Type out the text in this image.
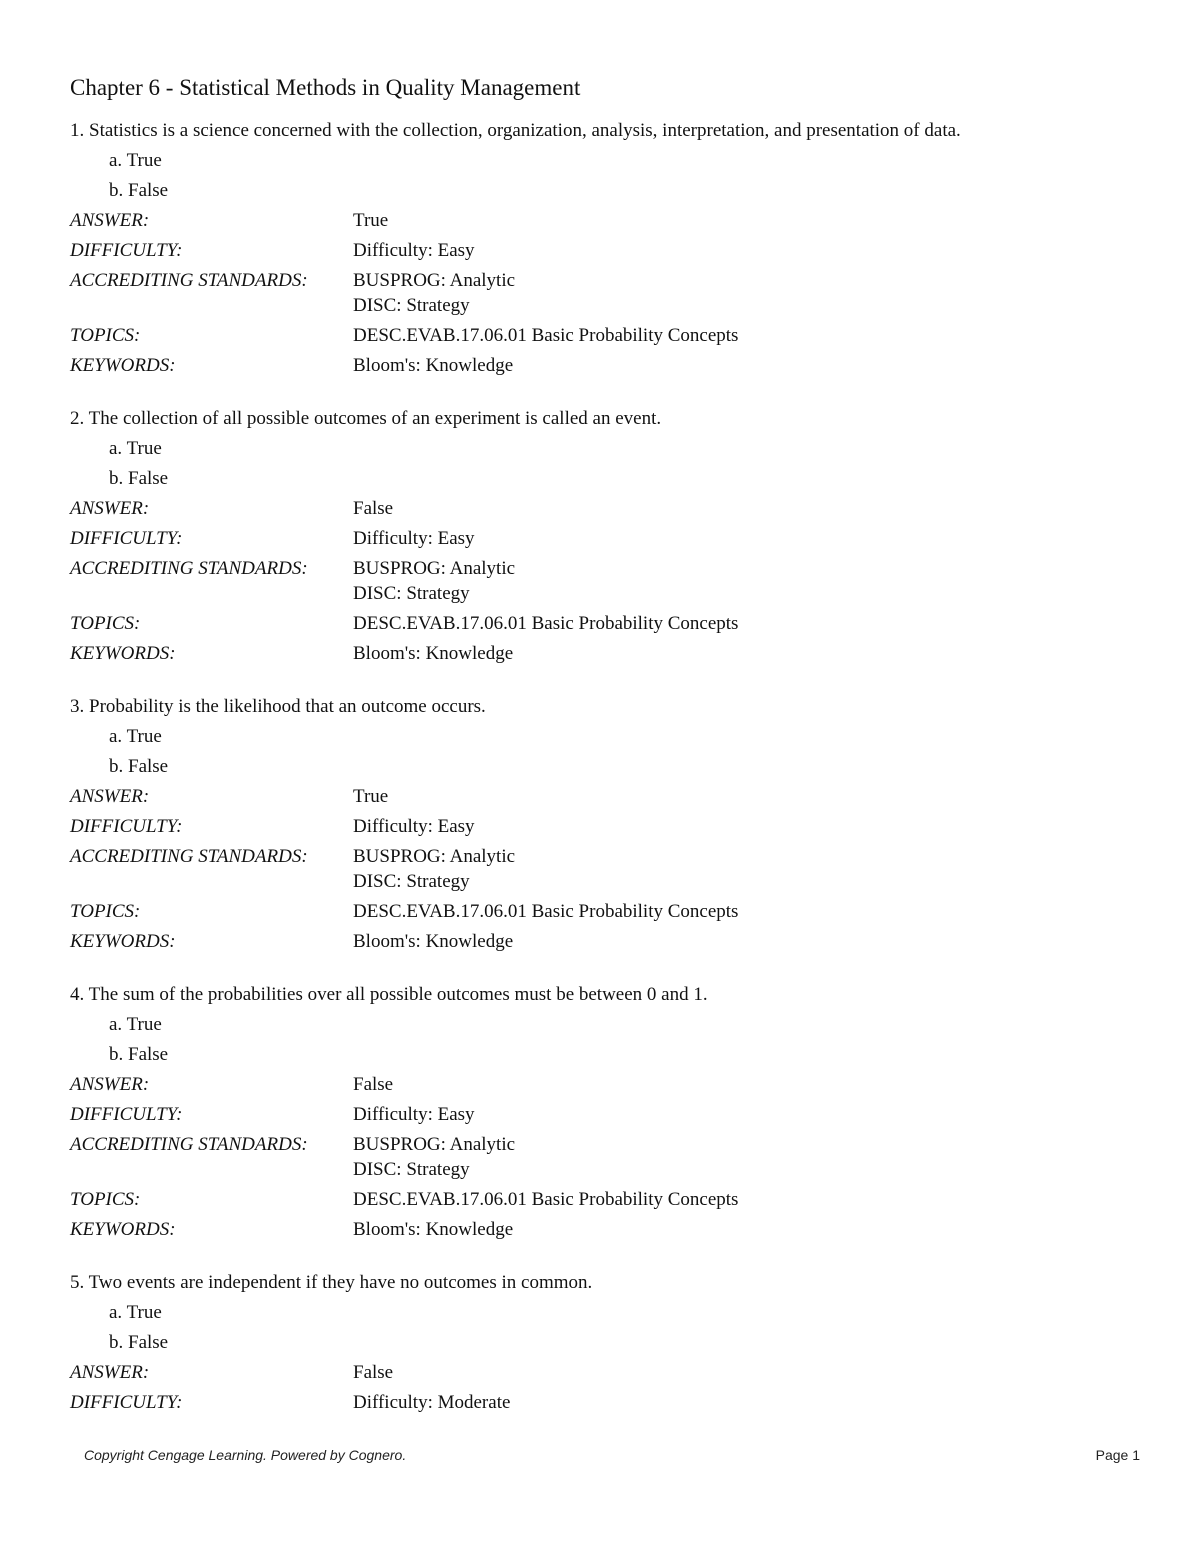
Chapter 6 - Statistical Methods in Quality Management
1. Statistics is a science concerned with the collection, organization, analysis, interpretation, and presentation of data.
a. True
b. False
ANSWER:	True
DIFFICULTY:	Difficulty: Easy
ACCREDITING STANDARDS:	BUSPROG: Analytic
DISC: Strategy
TOPICS:	DESC.EVAB.17.06.01 Basic Probability Concepts
KEYWORDS:	Bloom's: Knowledge
2. The collection of all possible outcomes of an experiment is called an event.
a. True
b. False
ANSWER:	False
DIFFICULTY:	Difficulty: Easy
ACCREDITING STANDARDS:	BUSPROG: Analytic
DISC: Strategy
TOPICS:	DESC.EVAB.17.06.01 Basic Probability Concepts
KEYWORDS:	Bloom's: Knowledge
3. Probability is the likelihood that an outcome occurs.
a. True
b. False
ANSWER:	True
DIFFICULTY:	Difficulty: Easy
ACCREDITING STANDARDS:	BUSPROG: Analytic
DISC: Strategy
TOPICS:	DESC.EVAB.17.06.01 Basic Probability Concepts
KEYWORDS:	Bloom's: Knowledge
4. The sum of the probabilities over all possible outcomes must be between 0 and 1.
a. True
b. False
ANSWER:	False
DIFFICULTY:	Difficulty: Easy
ACCREDITING STANDARDS:	BUSPROG: Analytic
DISC: Strategy
TOPICS:	DESC.EVAB.17.06.01 Basic Probability Concepts
KEYWORDS:	Bloom's: Knowledge
5. Two events are independent if they have no outcomes in common.
a. True
b. False
ANSWER:	False
DIFFICULTY:	Difficulty: Moderate
Copyright Cengage Learning. Powered by Cognero.	Page 1
